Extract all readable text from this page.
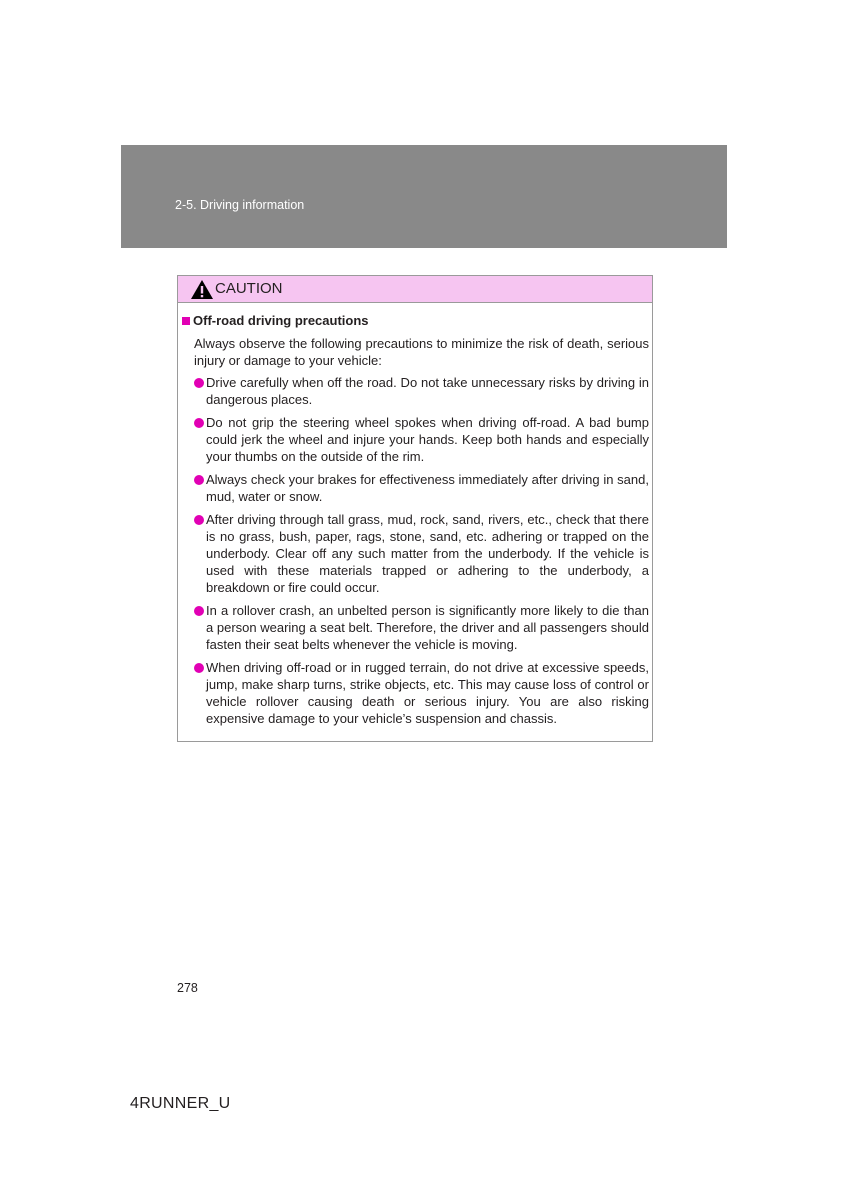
2-5. Driving information
CAUTION
Off-road driving precautions
Always observe the following precautions to minimize the risk of death, serious injury or damage to your vehicle:
Drive carefully when off the road. Do not take unnecessary risks by driving in dangerous places.
Do not grip the steering wheel spokes when driving off-road. A bad bump could jerk the wheel and injure your hands. Keep both hands and especially your thumbs on the outside of the rim.
Always check your brakes for effectiveness immediately after driving in sand, mud, water or snow.
After driving through tall grass, mud, rock, sand, rivers, etc., check that there is no grass, bush, paper, rags, stone, sand, etc. adhering or trapped on the underbody. Clear off any such matter from the underbody. If the vehicle is used with these materials trapped or adhering to the underbody, a breakdown or fire could occur.
In a rollover crash, an unbelted person is significantly more likely to die than a person wearing a seat belt. Therefore, the driver and all passengers should fasten their seat belts whenever the vehicle is moving.
When driving off-road or in rugged terrain, do not drive at excessive speeds, jump, make sharp turns, strike objects, etc. This may cause loss of control or vehicle rollover causing death or serious injury. You are also risking expensive damage to your vehicle’s suspension and chassis.
278
4RUNNER_U
